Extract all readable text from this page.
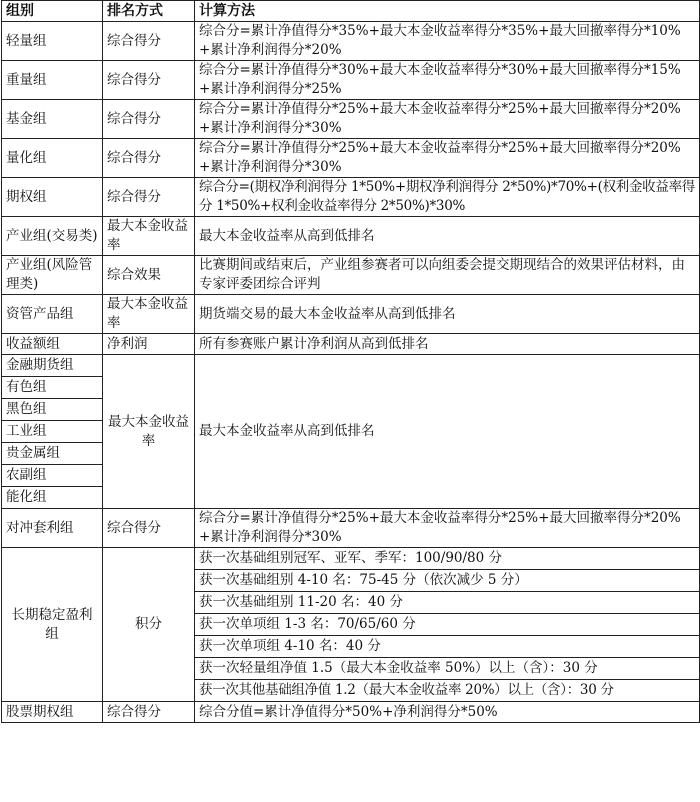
组别	排名方式	计算方法
轻量组	综合得分	综合分=累计净值得分*35%+最大本金收益率得分*35%+最大回撤率得分*10%+累计净利润得分*20%
重量组	综合得分	综合分=累计净值得分*30%+最大本金收益率得分*30%+最大回撤率得分*15%+累计净利润得分*25%
基金组	综合得分	综合分=累计净值得分*25%+最大本金收益率得分*25%+最大回撤率得分*20%+累计净利润得分*30%
量化组	综合得分	综合分=累计净值得分*25%+最大本金收益率得分*25%+最大回撤率得分*20%+累计净利润得分*30%
期权组	综合得分	综合分=(期权净利润得分 1*50%+期权净利润得分 2*50%)*70%+(权利金收益率得分 1*50%+权利金收益率得分 2*50%)*30%
产业组(交易类)	最大本金收益率	最大本金收益率从高到低排名
产业组(风险管理类)	综合效果	比赛期间或结束后，产业组参赛者可以向组委会提交期现结合的效果评估材料，由专家评委团综合评判
资管产品组	最大本金收益率	期货端交易的最大本金收益率从高到低排名
收益额组	净利润	所有参赛账户累计净利润从高到低排名
金融期货组	最大本金收益率	最大本金收益率从高到低排名
有色组		
黑色组		
工业组		
贵金属组		
农副组		
能化组		
对冲套利组	综合得分	综合分=累计净值得分*25%+最大本金收益率得分*25%+最大回撤率得分*20%+累计净利润得分*30%
长期稳定盈利组	积分	获一次基础组别冠军、亚军、季军：100/90/80 分
		获一次基础组别 4-10 名：75-45 分（依次减少 5 分）
		获一次基础组别 11-20 名：40 分
		获一次单项组 1-3 名：70/65/60 分
		获一次单项组 4-10 名：40 分
		获一次轻量组净值 1.5（最大本金收益率 50%）以上（含）：30 分
		获一次其他基础组净值 1.2（最大本金收益率 20%）以上（含）：30 分
股票期权组	综合得分	综合分值=累计净值得分*50%+净利润得分*50%
